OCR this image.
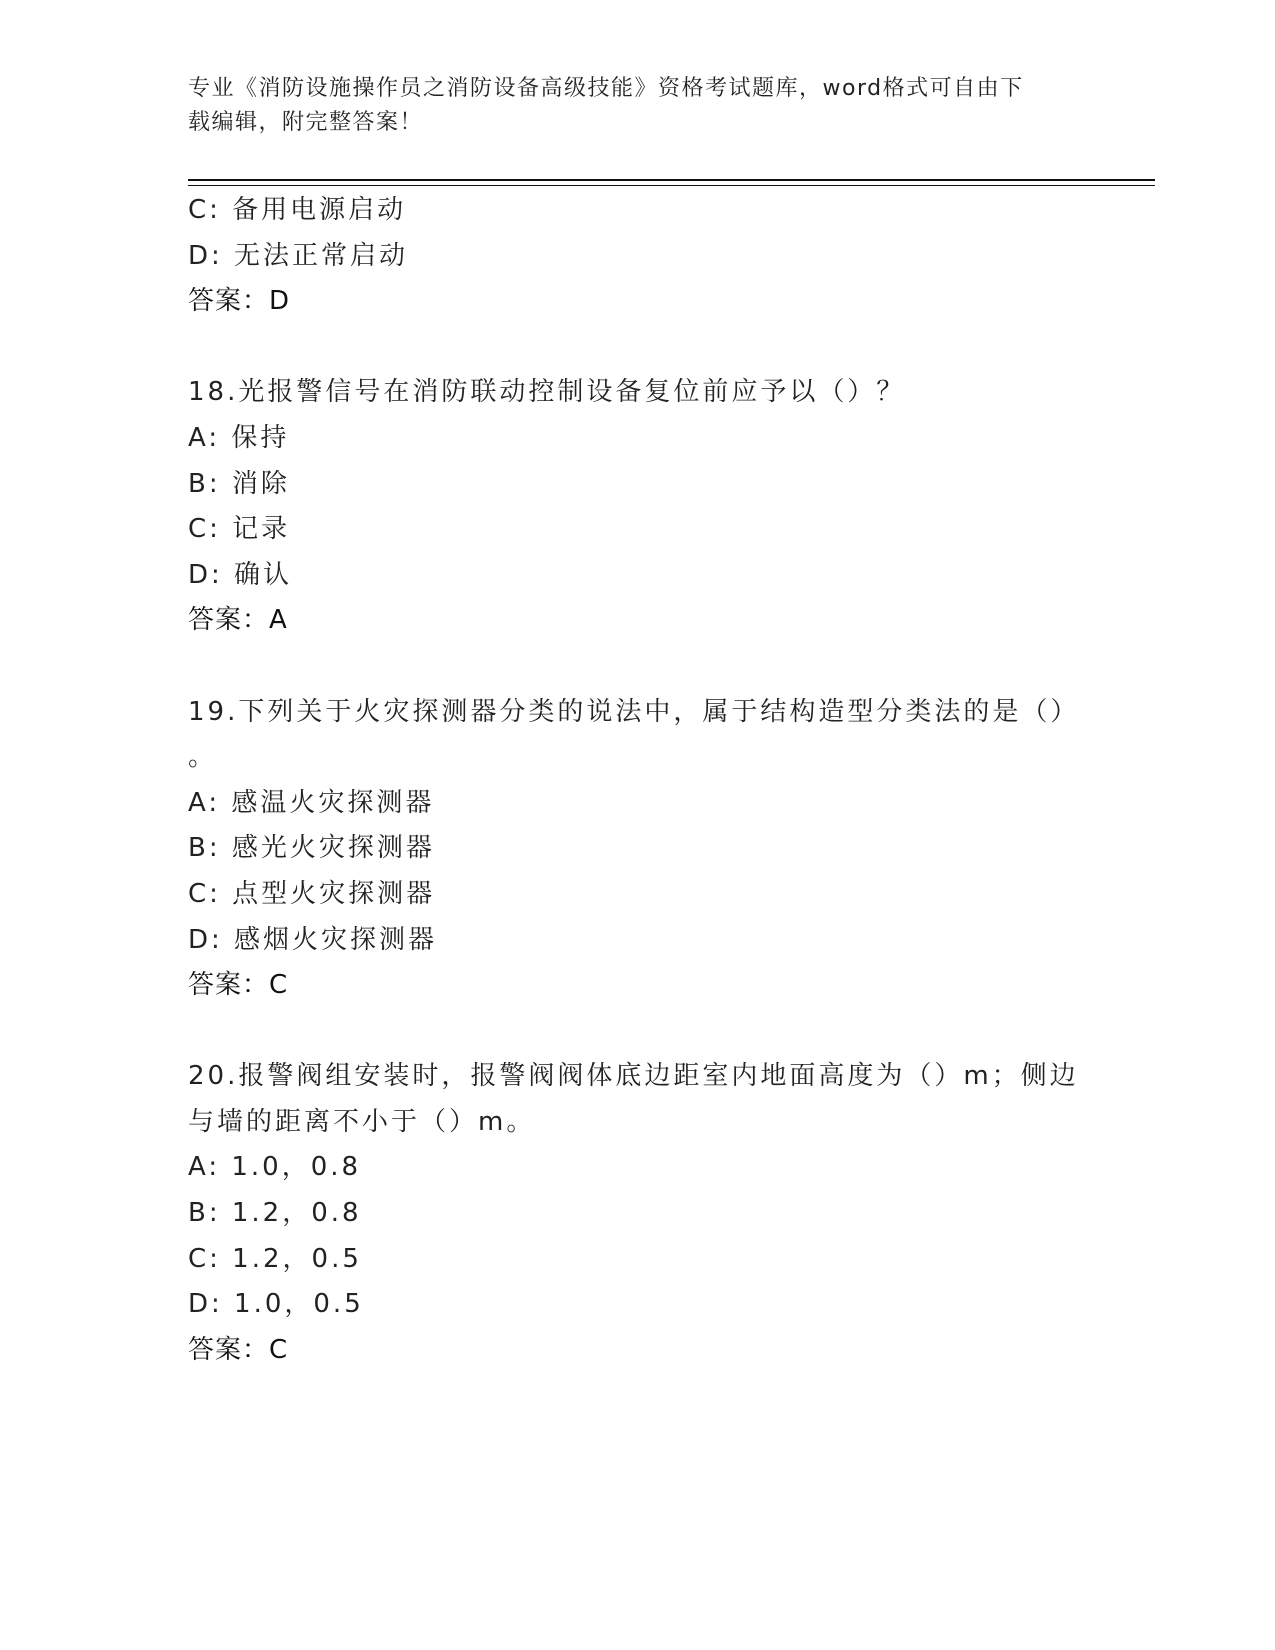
专业《消防设施操作员之消防设备高级技能》资格考试题库，word格式可自由下
载编辑，附完整答案！
C: 备用电源启动
D: 无法正常启动
答案：D
18.光报警信号在消防联动控制设备复位前应予以（）？
A: 保持
B: 消除
C: 记录
D: 确认
答案：A
19.下列关于火灾探测器分类的说法中，属于结构造型分类法的是（）
。
A: 感温火灾探测器
B: 感光火灾探测器
C: 点型火灾探测器
D: 感烟火灾探测器
答案：C
20.报警阀组安装时，报警阀阀体底边距室内地面高度为（）m；侧边
与墙的距离不小于（）m。
A: 1.0，0.8
B: 1.2，0.8
C: 1.2，0.5
D: 1.0，0.5
答案：C
